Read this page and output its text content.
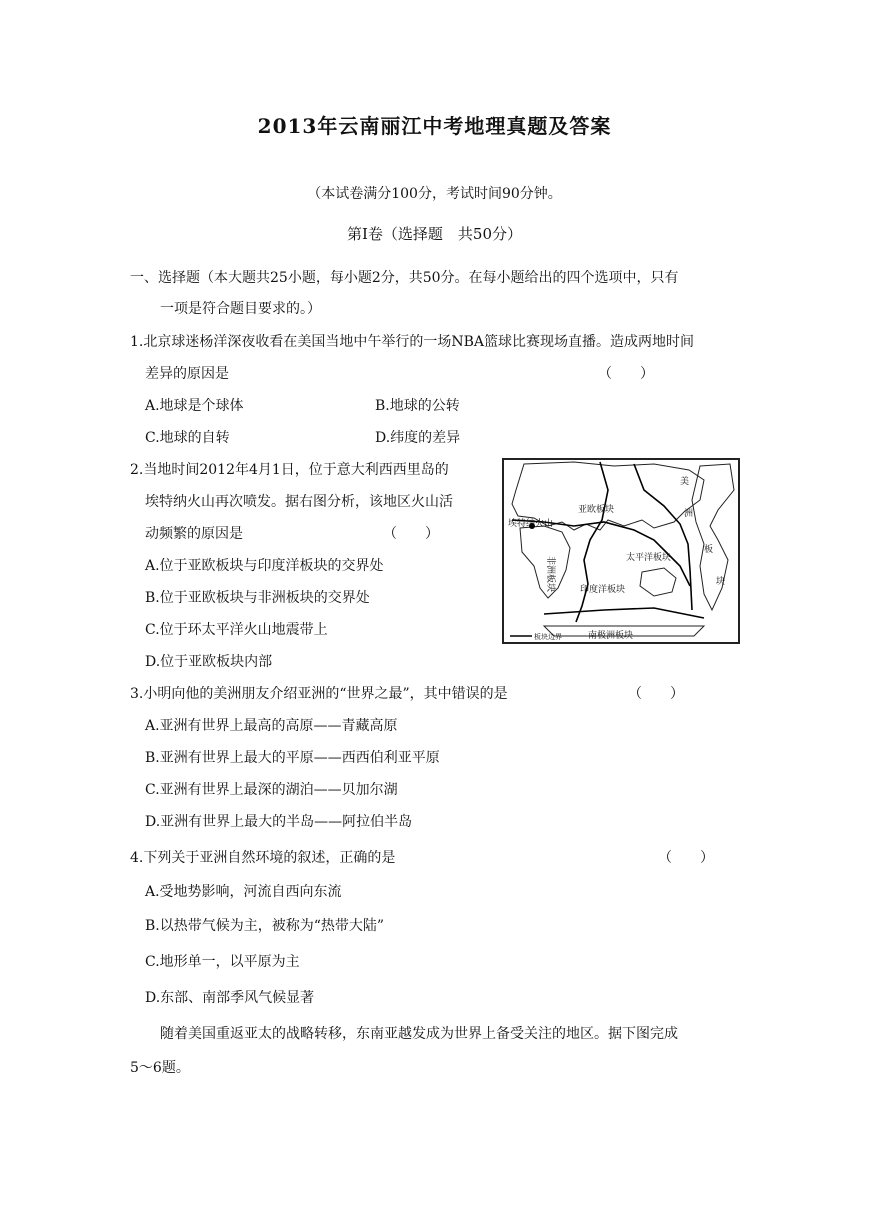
2013年云南丽江中考地理真题及答案
（本试卷满分100分，考试时间90分钟。
第Ⅰ卷（选择题　共50分）
一、选择题（本大题共25小题，每小题2分，共50分。在每小题给出的四个选项中，只有
一项是符合题目要求的。）
1.北京球迷杨洋深夜收看在美国当地中午举行的一场NBA篮球比赛现场直播。造成两地时间
差异的原因是	（　　）
A.地球是个球体	B.地球的公转
C.地球的自转	D.纬度的差异
2.当地时间2012年4月1日，位于意大利西西里岛的
埃特纳火山再次喷发。据右图分析，该地区火山活
动频繁的原因是	（　　）
A.位于亚欧板块与印度洋板块的交界处
B.位于亚欧板块与非洲板块的交界处
C.位于环太平洋火山地震带上
D.位于亚欧板块内部
埃特纳火山
亚欧板块
非洲板块	印度洋板块
太平洋板块
南极洲板块
美
洲
板
块
板块边界
3.小明向他的美洲朋友介绍亚洲的“世界之最”，其中错误的是	（　　）
A.亚洲有世界上最高的高原——青藏高原
B.亚洲有世界上最大的平原——西西伯利亚平原
C.亚洲有世界上最深的湖泊——贝加尔湖
D.亚洲有世界上最大的半岛——阿拉伯半岛
4.下列关于亚洲自然环境的叙述，正确的是	（　　）
A.受地势影响，河流自西向东流
B.以热带气候为主，被称为“热带大陆”
C.地形单一，以平原为主
D.东部、南部季风气候显著
随着美国重返亚太的战略转移，东南亚越发成为世界上备受关注的地区。据下图完成
5～6题。
